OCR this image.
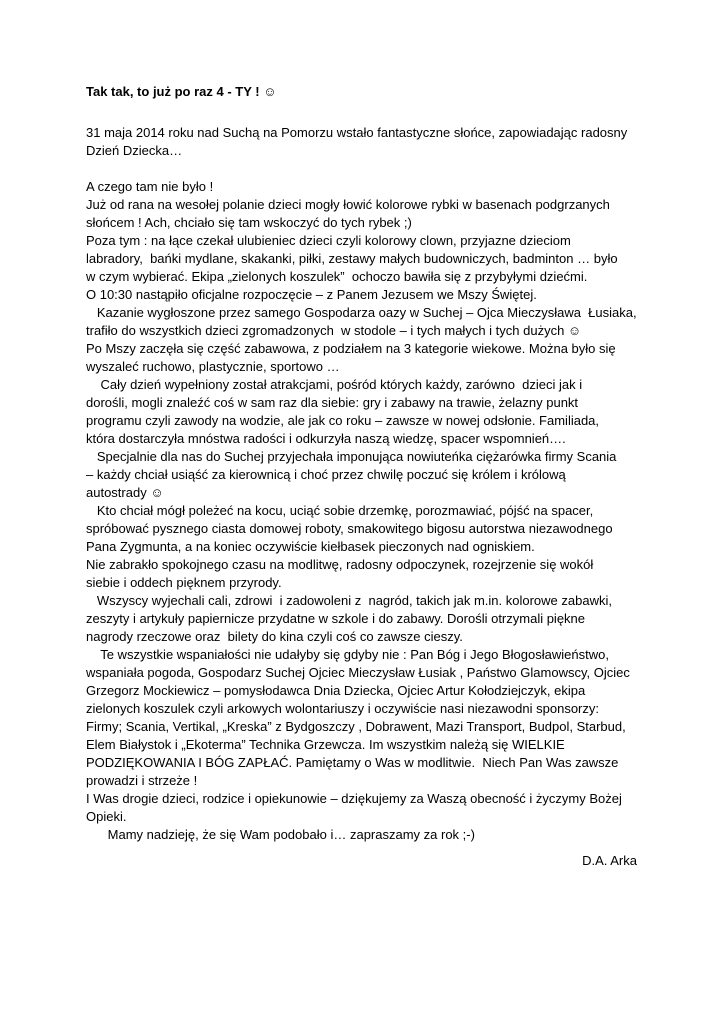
Tak tak, to już po raz 4 - TY ! ☺
31 maja 2014 roku nad Suchą na Pomorzu wstało fantastyczne słońce, zapowiadając radosny
Dzień Dziecka…
A czego tam nie było !
Już od rana na wesołej polanie dzieci mogły łowić kolorowe rybki w basenach podgrzanych
słońcem ! Ach, chciało się tam wskoczyć do tych rybek ;)
Poza tym : na łące czekał ulubieniec dzieci czyli kolorowy clown, przyjazne dzieciom
labradory,  bańki mydlane, skakanki, piłki, zestawy małych budowniczych, badminton … było
w czym wybierać. Ekipa „zielonych koszulek”  ochoczo bawiła się z przybyłymi dziećmi.
O 10:30 nastąpiło oficjalne rozpoczęcie – z Panem Jezusem we Mszy Świętej.
Kazanie wygłoszone przez samego Gospodarza oazy w Suchej – Ojca Mieczysława  Łusiaka,
trafiło do wszystkich dzieci zgromadzonych  w stodole – i tych małych i tych dużych ☺
Po Mszy zaczęła się część zabawowa, z podziałem na 3 kategorie wiekowe. Można było się
wyszaleć ruchowo, plastycznie, sportowo …
Cały dzień wypełniony został atrakcjami, pośród których każdy, zarówno  dzieci jak i
dorośli, mogli znaleźć coś w sam raz dla siebie: gry i zabawy na trawie, żelazny punkt
programu czyli zawody na wodzie, ale jak co roku – zawsze w nowej odsłonie. Familiada,
która dostarczyła mnóstwa radości i odkurzyła naszą wiedzę, spacer wspomnień….
Specjalnie dla nas do Suchej przyjechała imponująca nowiuteńka ciężarówka firmy Scania
– każdy chciał usiąść za kierownicą i choć przez chwilę poczuć się królem i królową
autostrady ☺
Kto chciał mógł poleżeć na kocu, uciąć sobie drzemkę, porozmawiać, pójść na spacer,
spróbować pysznego ciasta domowej roboty, smakowitego bigosu autorstwa niezawodnego
Pana Zygmunta, a na koniec oczywiście kiełbasek pieczonych nad ogniskiem.
Nie zabrakło spokojnego czasu na modlitwę, radosny odpoczynek, rozejrzenie się wokół
siebie i oddech pięknem przyrody.
Wszyscy wyjechali cali, zdrowi  i zadowoleni z  nagród, takich jak m.in. kolorowe zabawki,
zeszyty i artykuły papiernicze przydatne w szkole i do zabawy. Dorośli otrzymali piękne
nagrody rzeczowe oraz  bilety do kina czyli coś co zawsze cieszy.
Te wszystkie wspaniałości nie udałyby się gdyby nie : Pan Bóg i Jego Błogosławieństwo,
wspaniała pogoda, Gospodarz Suchej Ojciec Mieczysław Łusiak , Państwo Glamowscy, Ojciec
Grzegorz Mockiewicz – pomysłodawca Dnia Dziecka, Ojciec Artur Kołodziejczyk, ekipa
zielonych koszulek czyli arkowych wolontariuszy i oczywiście nasi niezawodni sponsorzy:
Firmy; Scania, Vertikal, „Kreska” z Bydgoszczy , Dobrawent, Mazi Transport, Budpol, Starbud,
Elem Białystok i „Ekoterma” Technika Grzewcza. Im wszystkim należą się WIELKIE
PODZIĘKOWANIA I BÓG ZAPŁAĆ. Pamiętamy o Was w modlitwie.  Niech Pan Was zawsze
prowadzi i strzeże !
I Was drogie dzieci, rodzice i opiekunowie – dziękujemy za Waszą obecność i życzymy Bożej
Opieki.
Mamy nadzieję, że się Wam podobało i… zapraszamy za rok ;-)
D.A. Arka
